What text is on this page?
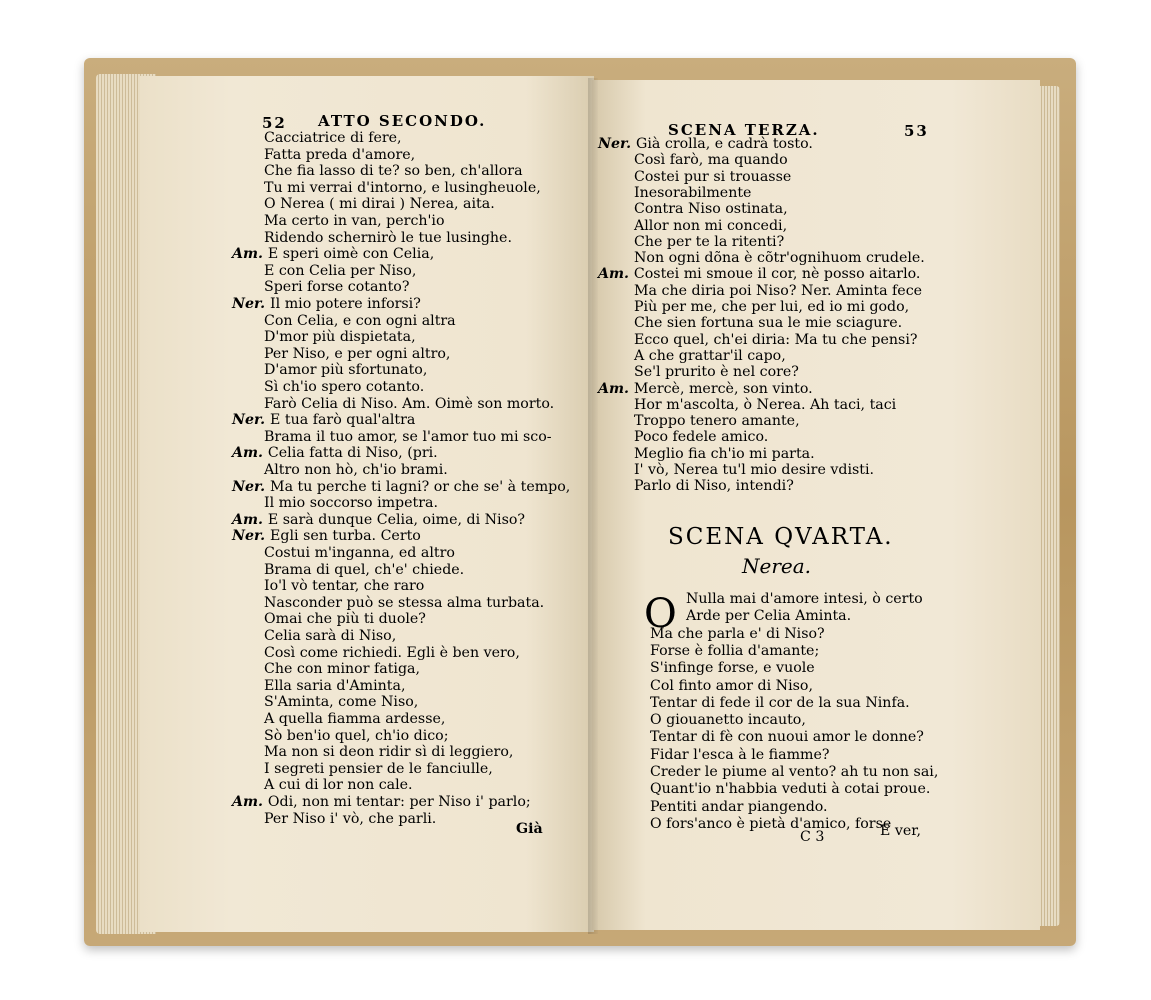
52 ATTO SECONDO.	SCENA TERZA.	53
Cacciatrice di fere,
Fatta preda d'amore,
Che fia lasso di te? so ben, ch'allora
Tu mi verrai d'intorno, e lusingheuole,
O Nerea ( mi dirai ) Nerea, aita.
Ma certo in van, perch'io
Ridendo schernirò le tue lusinghe.
Am. E speri oimè con Celia,
E con Celia per Niso,
Speri forse cotanto?
Ner. Il mio potere inforsi?
Con Celia, e con ogni altra
D'mor più dispietata,
Per Niso, e per ogni altro,
D'amor più sfortunato,
Sì ch'io spero cotanto.
Farò Celia di Niso. Am. Oimè son morto.
Ner. E tua farò qual'altra
Brama il tuo amor, se l'amor tuo mi sco-
Am. Celia fatta di Niso, (pri.
Altro non hò, ch'io brami.
Ner. Ma tu perche ti lagni? or che se' à tempo,
Il mio soccorso impetra.
Am. E sarà dunque Celia, oime, di Niso?
Ner. Egli sen turba. Certo
Costui m'inganna, ed altro
Brama di quel, ch'e' chiede.
Io'l vò tentar, che raro
Nasconder può se stessa alma turbata.
Omai che più ti duole?
Celia sarà di Niso,
Così come richiedi. Egli è ben vero,
Che con minor fatiga,
Ella saria d'Aminta,
S'Aminta, come Niso,
A quella fiamma ardesse,
Sò ben'io quel, ch'io dico;
Ma non si deon ridir sì di leggiero,
I segreti pensier de le fanciulle,
A cui di lor non cale.
Am. Odi, non mi tentar: per Niso i' parlo;
Per Niso i' vò, che parli.
Ner. Già crolla, e cadrà tosto.
Così farò, ma quando
Costei pur si trouasse
Inesorabilmente
Contra Niso ostinata,
Allor non mi concedi,
Che per te la ritenti?
Non ogni dõna è cõtr'ognihuom crudele.
Am. Costei mi smoue il cor, nè posso aitarlo.
Ma che diria poi Niso? Ner. Aminta fece
Più per me, che per lui, ed io mi godo,
Che sien fortuna sua le mie sciagure.
Ecco quel, ch'ei diria: Ma tu che pensi?
A che grattar'il capo,
Se'l prurito è nel core?
Am. Mercè, mercè, son vinto.
Hor m'ascolta, ò Nerea. Ah taci, taci
Troppo tenero amante,
Poco fedele amico.
Meglio fia ch'io mi parta.
I' vò, Nerea tu'l mio desire vdisti.
Parlo di Niso, intendi?
SCENA QVARTA.
Nerea.
O Nulla mai d'amore intesi, ò certo
Arde per Celia Aminta.
Ma che parla e' di Niso?
Forse è follia d'amante;
S'infinge forse, e vuole
Col finto amor di Niso,
Tentar di fede il cor de la sua Ninfa.
O giouanetto incauto,
Tentar di fè con nuoui amor le donne?
Fidar l'esca à le fiamme?
Creder le piume al vento? ah tu non sai,
Quant'io n'habbia veduti à cotai proue.
Pentiti andar piangendo.
O fors'anco è pietà d'amico, forse
Già	C 3	E ver,
